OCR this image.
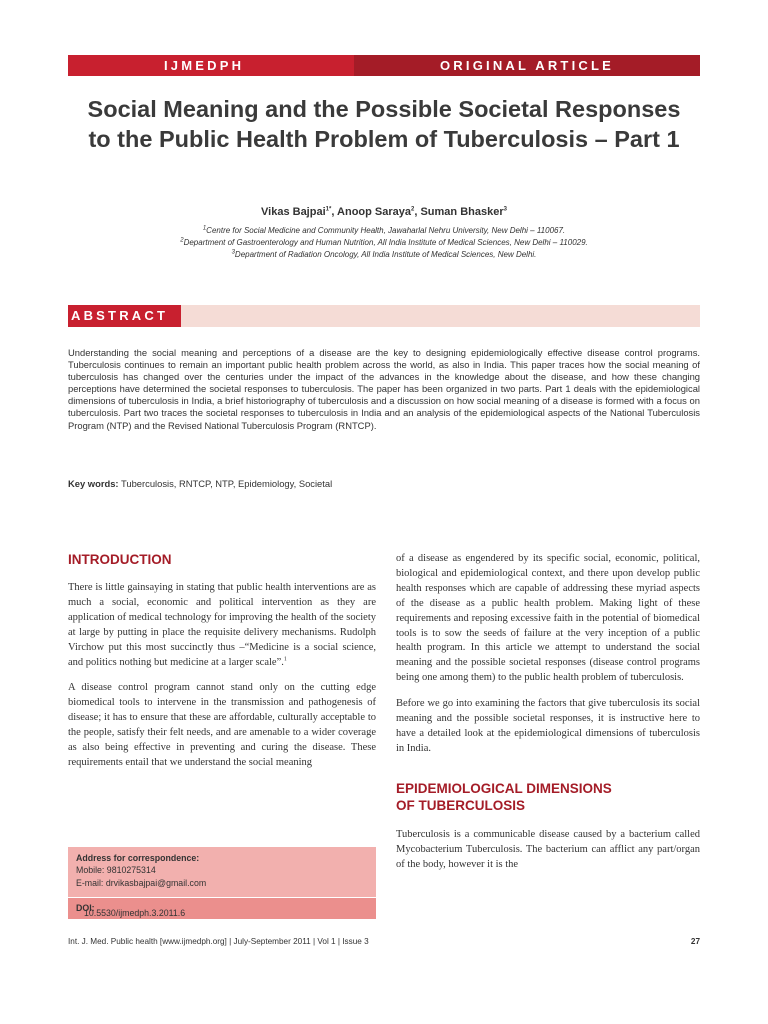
IJMEDPH	ORIGINAL ARTICLE
Social Meaning and the Possible Societal Responses to the Public Health Problem of Tuberculosis – Part 1
Vikas Bajpai$^{1*}$, Anoop Saraya$^2$, Suman Bhasker$^3$
$^1$Centre for Social Medicine and Community Health, Jawaharlal Nehru University, New Delhi – 110067.
$^2$Department of Gastroenterology and Human Nutrition, All India Institute of Medical Sciences, New Delhi – 110029.
$^3$Department of Radiation Oncology, All India Institute of Medical Sciences, New Delhi.
ABSTRACT

Understanding the social meaning and perceptions of a disease are the key to designing epidemiologically effective disease control programs. Tuberculosis continues to remain an important public health problem across the world, as also in India. This paper traces how the social meaning of tuberculosis has changed over the centuries under the impact of the advances in the knowledge about the disease, and how these changing perceptions have determined the societal responses to tuberculosis. The paper has been organized in two parts. Part 1 deals with the epidemiological dimensions of tuberculosis in India, a brief historiography of tuberculosis and a discussion on how social meaning of a disease is formed with a focus on tuberculosis. Part two traces the societal responses to tuberculosis in India and an analysis of the epidemiological aspects of the National Tuberculosis Program (NTP) and the Revised National Tuberculosis Program (RNTCP).

Key words: Tuberculosis, RNTCP, NTP, Epidemiology, Societal
INTRODUCTION

There is little gainsaying in stating that public health interventions are as much a social, economic and political intervention as they are application of medical technology for improving the health of the society at large by putting in place the requisite delivery mechanisms. Rudolph Virchow put this most succinctly thus –“Medicine is a social science, and politics nothing but medicine at a larger scale”.$^1$

A disease control program cannot stand only on the cutting edge biomedical tools to intervene in the transmission and pathogenesis of disease; it has to ensure that these are affordable, culturally acceptable to the people, satisfy their felt needs, and are amenable to a wider coverage as also being effective in preventing and curing the disease. These requirements entail that we understand the social meaning

of a disease as engendered by its specific social, economic, political, biological and epidemiological context, and there upon develop public health responses which are capable of addressing these myriad aspects of the disease as a public health problem. Making light of these requirements and reposing excessive faith in the potential of biomedical tools is to sow the seeds of failure at the very inception of a public health program. In this article we attempt to understand the social meaning and the possible societal responses (disease control programs being one among them) to the public health problem of tuberculosis.

Before we go into examining the factors that give tuberculosis its social meaning and the possible societal responses, it is instructive here to have a detailed look at the epidemiological dimensions of tuberculosis in India.

EPIDEMIOLOGICAL DIMENSIONS
OF TUBERCULOSIS

Tuberculosis is a communicable disease caused by a bacterium called Mycobacterium Tuberculosis. The bacterium can afflict any part/organ of the body, however it is the

Address for correspondence:
Mobile: 9810275314
E-mail: drvikasbajpai@gmail.com
DOI:
10.5530/ijmedph.3.2011.6
Int. J. Med. Public health [www.ijmedph.org] | July-September 2011 | Vol 1 | Issue 3	27
